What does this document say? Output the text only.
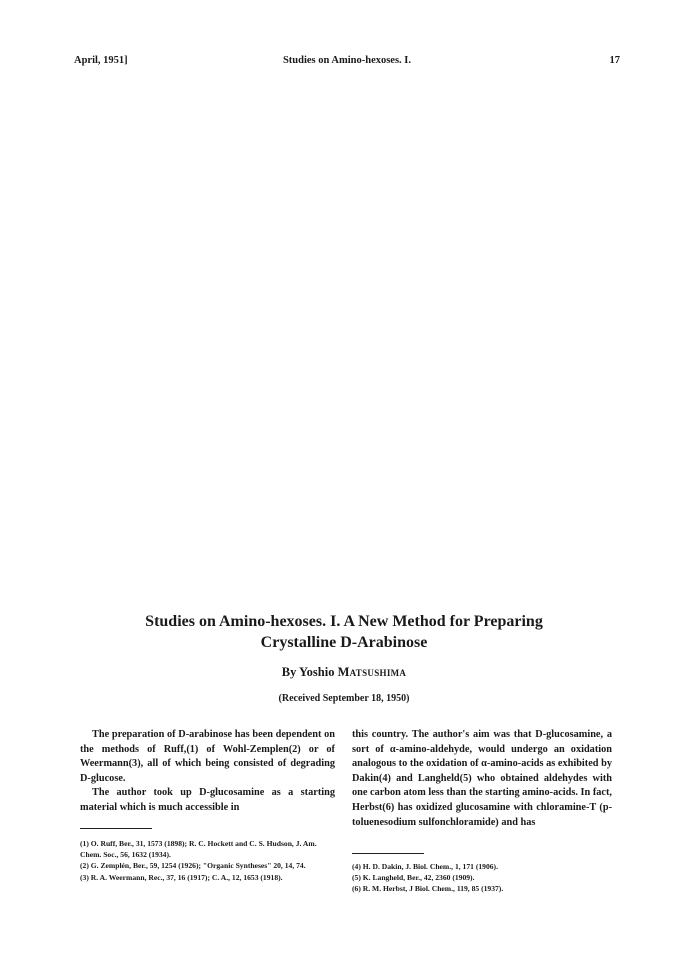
April, 1951]	Studies on Amino-hexoses. I.	17
Studies on Amino-hexoses. I. A New Method for Preparing
Crystalline D-Arabinose
By Yoshio Matsushima
(Received September 18, 1950)

The preparation of D-arabinose has been dependent on the methods of Ruff,(1) of Wohl-Zemplen(2) or of Weermann(3), all of which being consisted of degrading D-glucose.

The author took up D-glucosamine as a starting material which is much accessible in

this country. The author's aim was that D-glucosamine, a sort of α-amino-aldehyde, would undergo an oxidation analogous to the oxidation of α-amino-acids as exhibited by Dakin(4) and Langheld(5) who obtained aldehydes with one carbon atom less than the starting amino-acids. In fact, Herbst(6) has oxidized glucosamine with chloramine-T (p-toluenesodium sulfonchloramide) and has

(1) O. Ruff, Ber., 31, 1573 (1898); R. C. Hockett and C. S. Hudson, J. Am. Chem. Soc., 56, 1632 (1934).

(2) G. Zemplén, Ber., 59, 1254 (1926); "Organic Syntheses" 20, 14, 74.

(3) R. A. Weermann, Rec., 37, 16 (1917); C. A., 12, 1653 (1918).

(4) H. D. Dakin, J. Biol. Chem., 1, 171 (1906).

(5) K. Langheld, Ber., 42, 2360 (1909).

(6) R. M. Herbst, J Biol. Chem., 119, 85 (1937).
